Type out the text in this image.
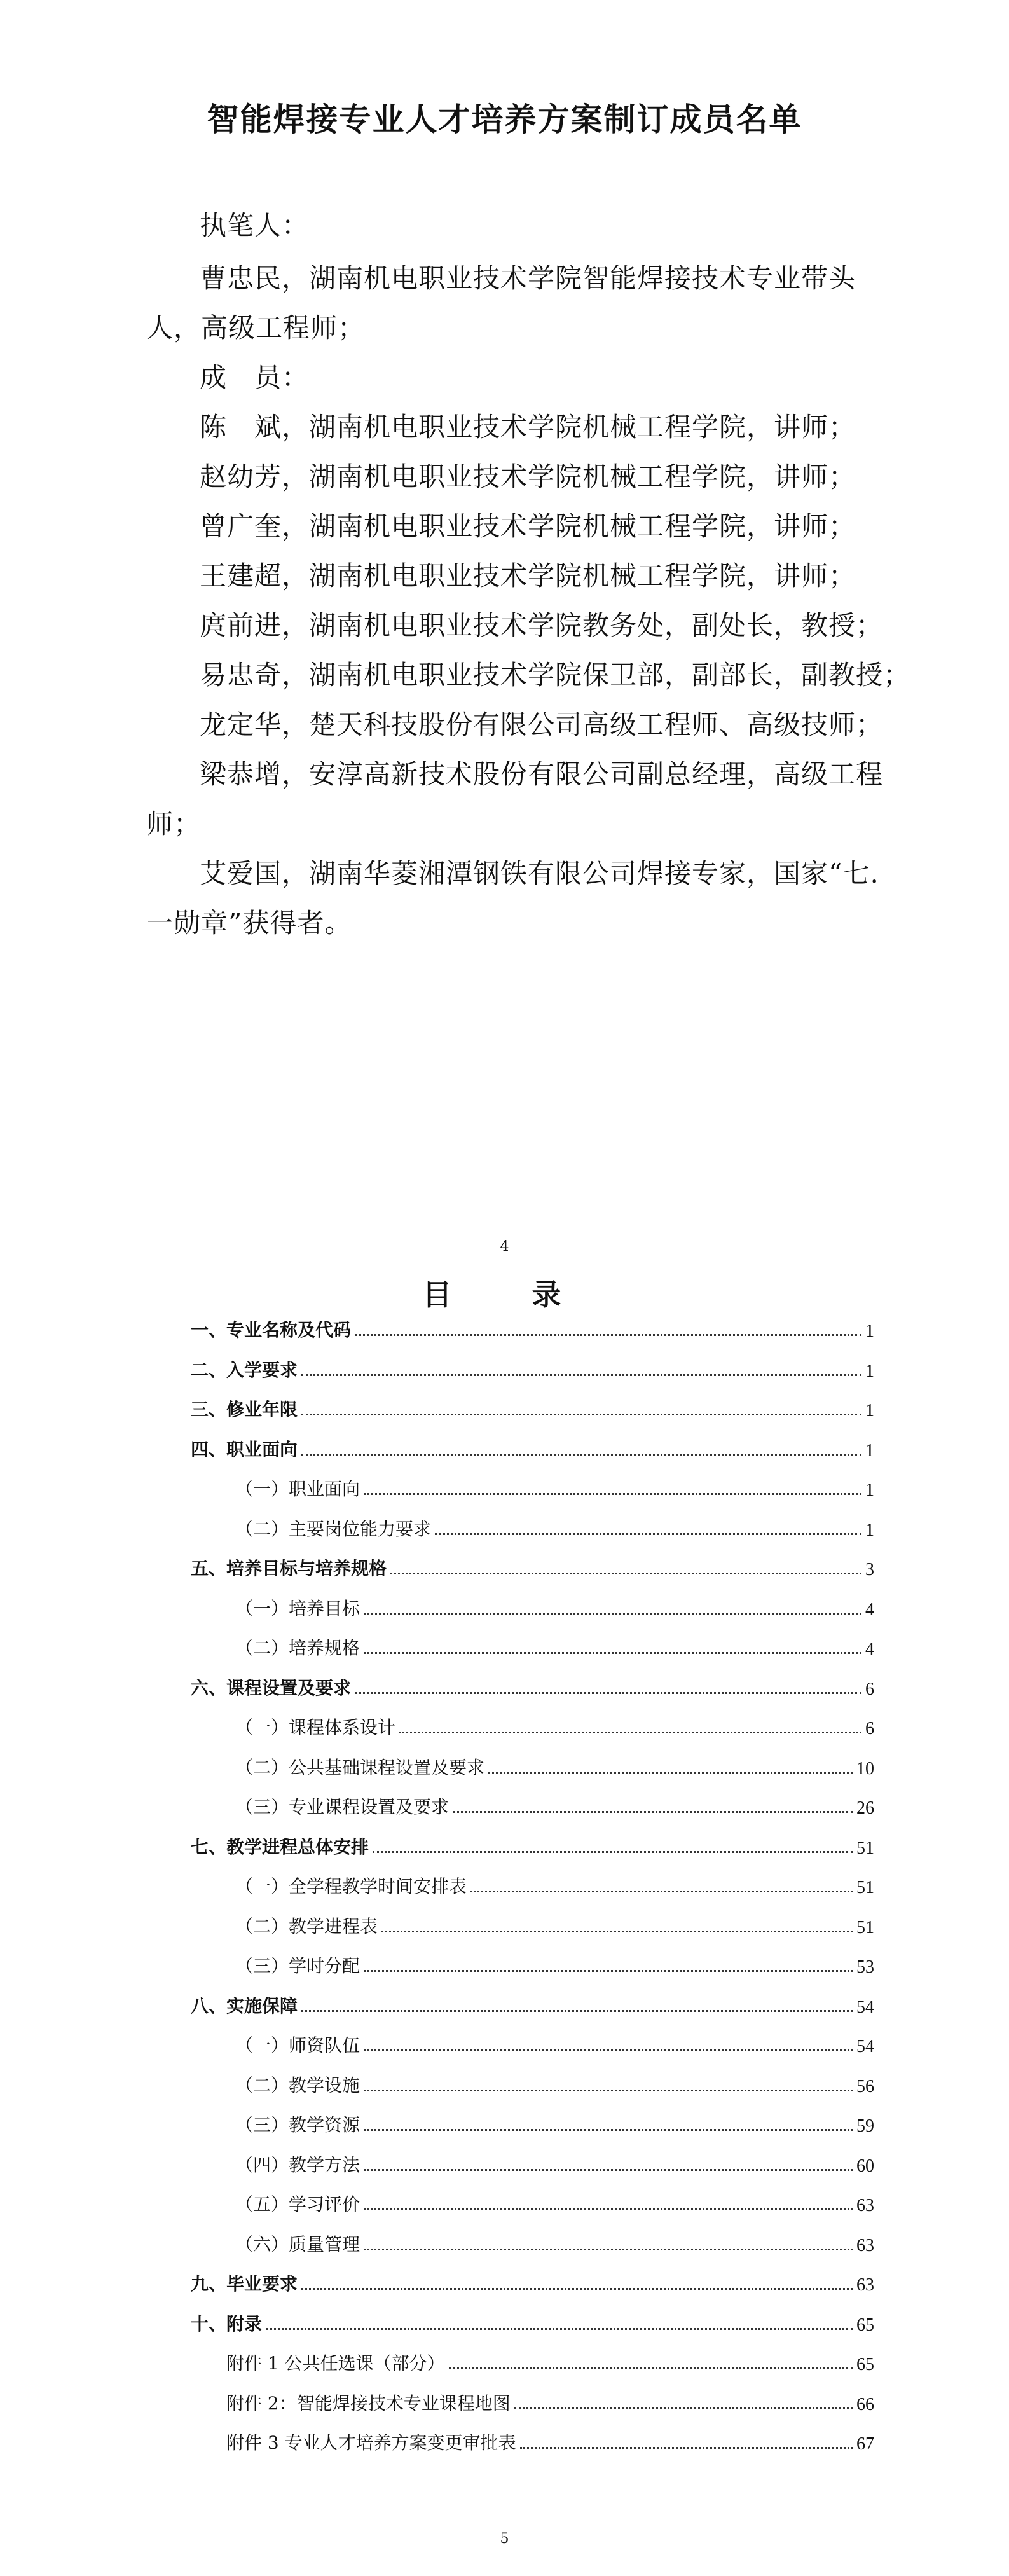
智能焊接专业人才培养方案制订成员名单
执笔人：
曹忠民，湖南机电职业技术学院智能焊接技术专业带头
人，高级工程师；
成　员：
陈　斌，湖南机电职业技术学院机械工程学院，讲师；
赵幼芳，湖南机电职业技术学院机械工程学院，讲师；
曾广奎，湖南机电职业技术学院机械工程学院，讲师；
王建超，湖南机电职业技术学院机械工程学院，讲师；
庹前进，湖南机电职业技术学院教务处，副处长，教授；
易忠奇，湖南机电职业技术学院保卫部，副部长，副教授；
龙定华，楚天科技股份有限公司高级工程师、高级技师；
梁恭增，安淳高新技术股份有限公司副总经理，高级工程
师；
艾爱国，湖南华菱湘潭钢铁有限公司焊接专家，国家“七.
一勋章”获得者。
4
目　录
一、专业名称及代码	1
二、入学要求	1
三、修业年限	1
四、职业面向	1
（一）职业面向	1
（二）主要岗位能力要求	1
五、培养目标与培养规格	3
（一）培养目标	4
（二）培养规格	4
六、课程设置及要求	6
（一）课程体系设计	6
（二）公共基础课程设置及要求	10
（三）专业课程设置及要求	26
七、教学进程总体安排	51
（一）全学程教学时间安排表	51
（二）教学进程表	51
（三）学时分配	53
八、实施保障	54
（一）师资队伍	54
（二）教学设施	56
（三）教学资源	59
（四）教学方法	60
（五）学习评价	63
（六）质量管理	63
九、毕业要求	63
十、附录	65
附件 1 公共任选课（部分）	65
附件 2：智能焊接技术专业课程地图	66
附件 3 专业人才培养方案变更审批表	67
5
